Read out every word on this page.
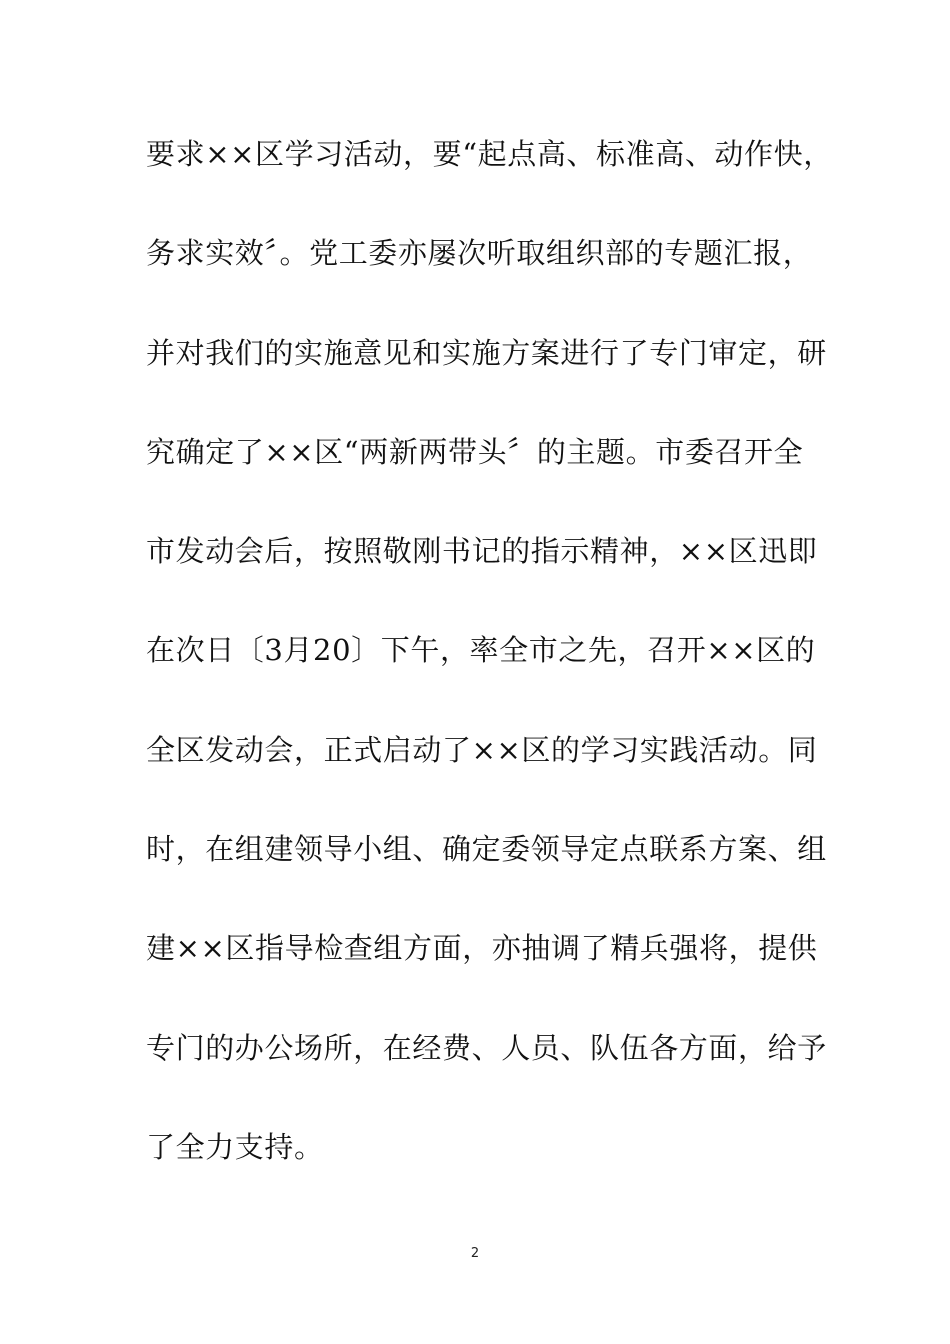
要求××区学习活动，要“起点高、标准高、动作快，
务求实效〞。党工委亦屡次听取组织部的专题汇报，
并对我们的实施意见和实施方案进行了专门审定，研
究确定了××区“两新两带头〞的主题。市委召开全
市发动会后，按照敬刚书记的指示精神，××区迅即
在次日〔3月20〕下午，率全市之先，召开××区的
全区发动会，正式启动了××区的学习实践活动。同
时，在组建领导小组、确定委领导定点联系方案、组
建××区指导检查组方面，亦抽调了精兵强将，提供
专门的办公场所，在经费、人员、队伍各方面，给予
了全力支持。
2
